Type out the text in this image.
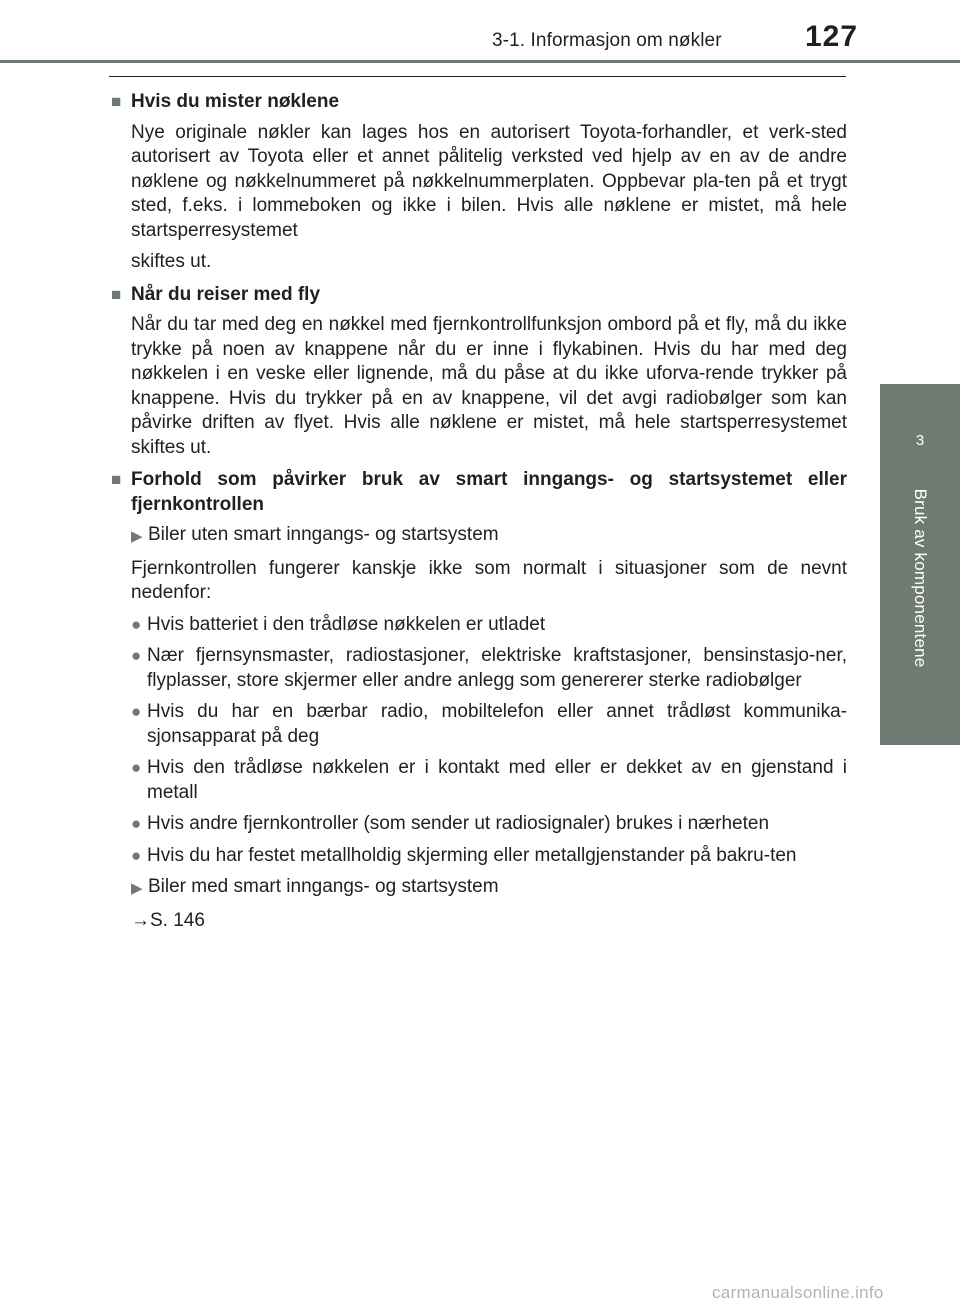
3-1. Informasjon om nøkler	127
3
Bruk av komponentene
■ Hvis du mister nøklene

Nye originale nøkler kan lages hos en autorisert Toyota-forhandler, et verk-sted autorisert av Toyota eller et annet pålitelig verksted ved hjelp av en av de andre nøklene og nøkkelnummeret på nøkkelnummerplaten. Oppbevar pla-ten på et trygt sted, f.eks. i lommeboken og ikke i bilen. Hvis alle nøklene er mistet, må hele startsperresystemet

skiftes ut.

■ Når du reiser med fly

Når du tar med deg en nøkkel med fjernkontrollfunksjon ombord på et fly, må du ikke trykke på noen av knappene når du er inne i flykabinen. Hvis du har med deg nøkkelen i en veske eller lignende, må du påse at du ikke uforva-rende trykker på knappene. Hvis du trykker på en av knappene, vil det avgi radiobølger som kan påvirke driften av flyet. Hvis alle nøklene er mistet, må hele startsperresystemet skiftes ut.

■ Forhold som påvirker bruk av smart inngangs- og startsystemet eller fjernkontrollen
▶ Biler uten smart inngangs- og startsystem

Fjernkontrollen fungerer kanskje ikke som normalt i situasjoner som de nevnt nedenfor:

● Hvis batteriet i den trådløse nøkkelen er utladet
● Nær fjernsynsmaster, radiostasjoner, elektriske kraftstasjoner, bensinstasjo-ner, flyplasser, store skjermer eller andre anlegg som genererer sterke radiobølger
● Hvis du har en bærbar radio, mobiltelefon eller annet trådløst kommunika-sjonsapparat på deg
● Hvis den trådløse nøkkelen er i kontakt med eller er dekket av en gjenstand i metall
● Hvis andre fjernkontroller (som sender ut radiosignaler) brukes i nærheten
● Hvis du har festet metallholdig skjerming eller metallgjenstander på bakru-ten
▶ Biler med smart inngangs- og startsystem

→S. 146

carmanualsonline.info
